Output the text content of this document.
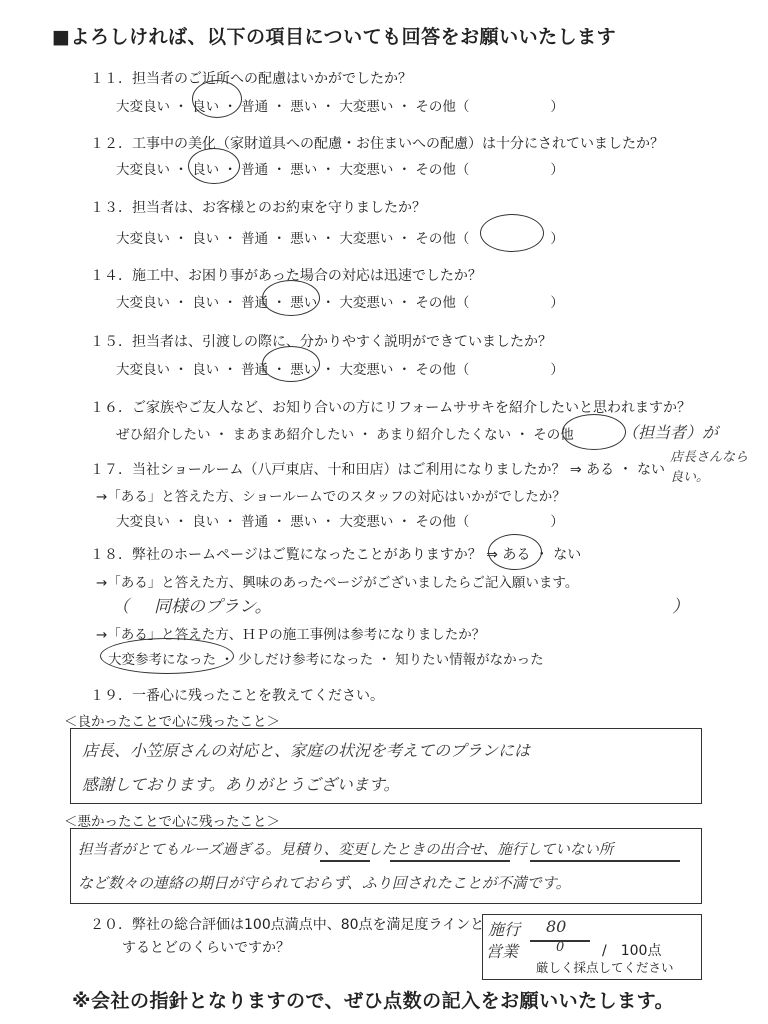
■よろしければ、以下の項目についても回答をお願いいたします
１１．担当者のご近所への配慮はいかがでしたか？
大変良い ・ 良い ・ 普通 ・ 悪い ・ 大変悪い ・ その他（　　　　　　）
１２．工事中の美化（家財道具への配慮・お住まいへの配慮）は十分にされていましたか？
大変良い ・ 良い ・ 普通 ・ 悪い ・ 大変悪い ・ その他（　　　　　　）
１３．担当者は、お客様とのお約束を守りましたか？
大変良い ・ 良い ・ 普通 ・ 悪い ・ 大変悪い ・ その他（　　　　　　）
１４．施工中、お困り事があった場合の対応は迅速でしたか？
大変良い ・ 良い ・ 普通 ・ 悪い ・ 大変悪い ・ その他（　　　　　　）
１５．担当者は、引渡しの際に、分かりやすく説明ができていましたか？
大変良い ・ 良い ・ 普通 ・ 悪い ・ 大変悪い ・ その他（　　　　　　）
１６．ご家族やご友人など、お知り合いの方にリフォームササキを紹介したいと思われますか？
ぜひ紹介したい ・ まあまあ紹介したい ・ あまり紹介したくない ・ その他	（担当者）が
店長さんなら良い。
１７．当社ショールーム（八戸東店、十和田店）はご利用になりましたか？ ⇒ ある ・ ない
→「ある」と答えた方、ショールームでのスタッフの対応はいかがでしたか？
大変良い ・ 良い ・ 普通 ・ 悪い ・ 大変悪い ・ その他（　　　　　　）
１８．弊社のホームページはご覧になったことがありますか？ ⇒ ある ・ ない
→「ある」と答えた方、興味のあったページがございましたらご記入願います。
（ 同様のプラン。	）
→「ある」と答えた方、ＨＰの施工事例は参考になりましたか？
大変参考になった ・ 少しだけ参考になった ・ 知りたい情報がなかった
１９．一番心に残ったことを教えてください。
＜良かったことで心に残ったこと＞
店長、小笠原さんの対応と、家庭の状況を考えてのプランには
感謝しております。ありがとうございます。
＜悪かったことで心に残ったこと＞
担当者がとてもルーズ過ぎる。見積り、変更したときの出合せ、施行していない所
など数々の連絡の期日が守られておらず、ふり回されたことが不満です。
２０．弊社の総合評価は100点満点中、80点を満足度ラインと
するとどのくらいですか？
施行 80
営業	0	/　100点
厳しく採点してください
※会社の指針となりますので、ぜひ点数の記入をお願いいたします。
